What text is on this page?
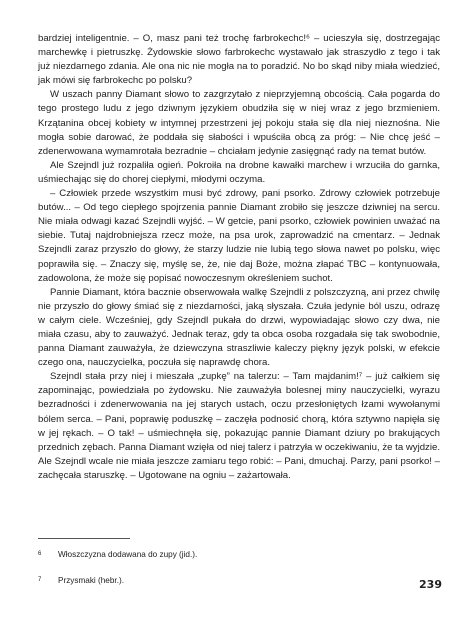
bardziej inteligentnie. – O, masz pani też trochę farbrokechc!⁶ – ucieszyła się, dostrzegając marchewkę i pietruszkę. Żydowskie słowo farbrokechc wystawało jak straszydło z tego i tak już niezdarnego zdania. Ale ona nic nie mogła na to poradzić. No bo skąd niby miała wiedzieć, jak mówi się farbrokechc po polsku?

W uszach panny Diamant słowo to zazgrzytało z nieprzyjemną obcością. Cała pogarda do tego prostego ludu z jego dziwnym językiem obudziła się w niej wraz z jego brzmieniem. Krzątanina obcej kobiety w intymnej przestrzeni jej pokoju stała się dla niej nieznośna. Nie mogła sobie darować, że poddała się słabości i wpuściła obcą za próg: – Nie chcę jeść – zdenerwowana wymamrotała bezradnie – chciałam jedynie zasięgnąć rady na temat butów.

Ale Szejndl już rozpaliła ogień. Pokroiła na drobne kawałki marchew i wrzuciła do garnka, uśmiechając się do chorej ciepłymi, młodymi oczyma.

– Człowiek przede wszystkim musi być zdrowy, pani psorko. Zdrowy człowiek potrzebuje butów... – Od tego ciepłego spojrzenia pannie Diamant zrobiło się jeszcze dziwniej na sercu. Nie miała odwagi kazać Szejndli wyjść. – W getcie, pani psorko, człowiek powinien uważać na siebie. Tutaj najdrobniejsza rzecz może, na psa urok, zaprowadzić na cmentarz. – Jednak Szejndli zaraz przyszło do głowy, że starzy ludzie nie lubią tego słowa nawet po polsku, więc poprawiła się. – Znaczy się, myślę se, że, nie daj Boże, można złapać TBC – kontynuowała, zadowolona, że może się popisać nowoczesnym określeniem suchot.

Pannie Diamant, która bacznie obserwowała walkę Szejndli z polszczyzną, ani przez chwilę nie przyszło do głowy śmiać się z niezdarności, jaką słyszała. Czuła jedynie ból uszu, odrazę w całym ciele. Wcześniej, gdy Szejndl pukała do drzwi, wypowiadając słowo czy dwa, nie miała czasu, aby to zauważyć. Jednak teraz, gdy ta obca osoba rozgadała się tak swobodnie, panna Diamant zauważyła, że dziewczyna straszliwie kaleczy piękny język polski, w efekcie czego ona, nauczycielka, poczuła się naprawdę chora.

Szejndl stała przy niej i mieszała „zupkę” na talerzu: – Tam majdanim!⁷ – już całkiem się zapominając, powiedziała po żydowsku. Nie zauważyła bolesnej miny nauczycielki, wyrazu bezradności i zdenerwowania na jej starych ustach, oczu przesłoniętych łzami wywołanymi bólem serca. – Pani, poprawię poduszkę – zaczęła podnosić chorą, która sztywno napięła się w jej rękach. – O tak! – uśmiechnęła się, pokazując pannie Diamant dziury po brakujących przednich zębach. Panna Diamant wzięła od niej talerz i patrzyła w oczekiwaniu, że ta wyjdzie. Ale Szejndl wcale nie miała jeszcze zamiaru tego robić: – Pani, dmuchaj. Parzy, pani psorko! – zachęcała staruszkę. – Ugotowane na ogniu – zażartowała.

6 Włoszczyzna dodawana do zupy (jid.).
7 Przysmaki (hebr.).	239
